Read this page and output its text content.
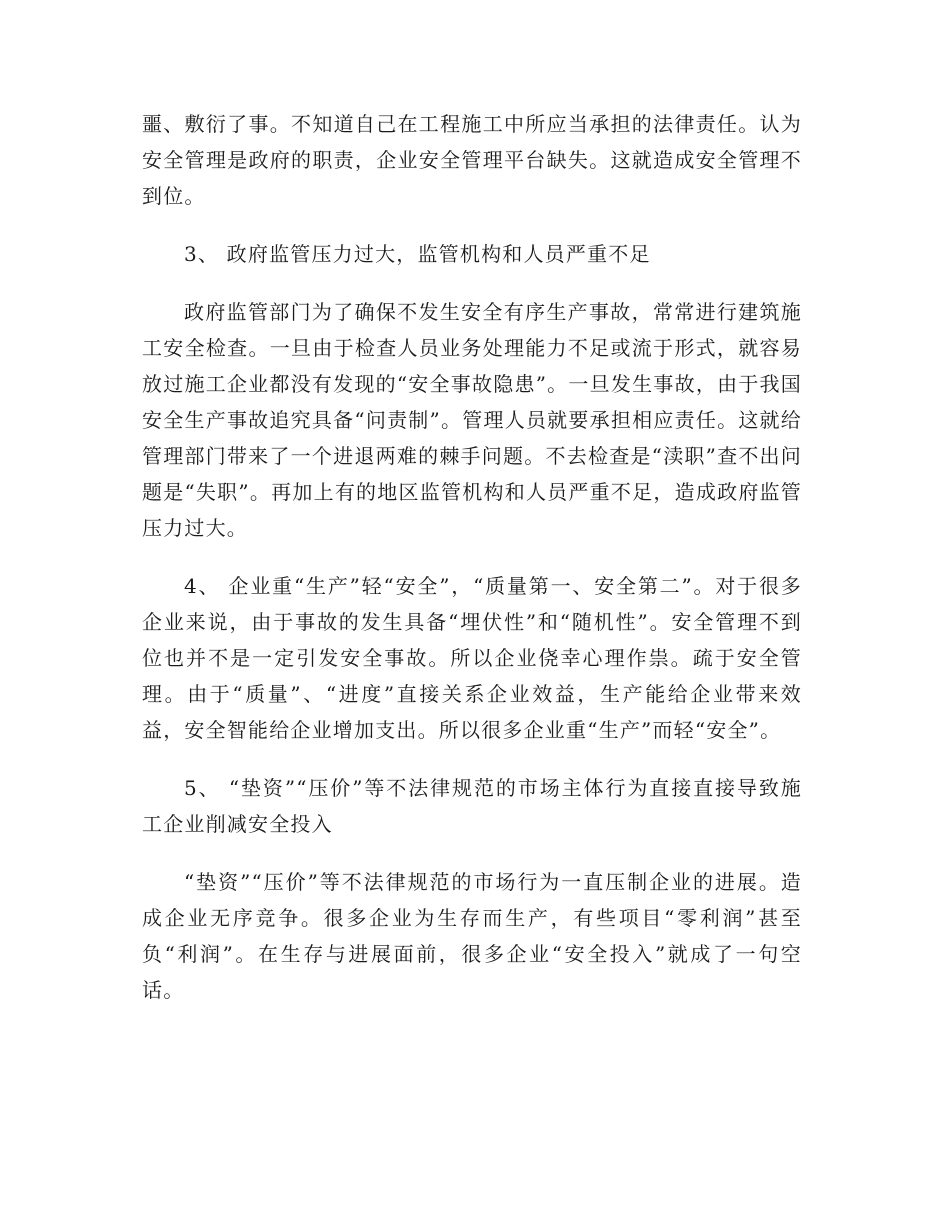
噩、敷衍了事。不知道自己在工程施工中所应当承担的法律责任。认为安全管理是政府的职责，企业安全管理平台缺失。这就造成安全管理不到位。

3、 政府监管压力过大，监管机构和人员严重不足

政府监管部门为了确保不发生安全有序生产事故，常常进行建筑施工安全检查。一旦由于检查人员业务处理能力不足或流于形式，就容易放过施工企业都没有发现的“安全事故隐患”。一旦发生事故，由于我国安全生产事故追究具备“问责制”。管理人员就要承担相应责任。这就给管理部门带来了一个进退两难的棘手问题。不去检查是“渎职”查不出问题是“失职”。再加上有的地区监管机构和人员严重不足，造成政府监管压力过大。

4、 企业重“生产”轻“安全”，“质量第一、安全第二”。对于很多企业来说，由于事故的发生具备“埋伏性”和“随机性”。安全管理不到位也并不是一定引发安全事故。所以企业侥幸心理作祟。疏于安全管理。由于“质量”、“进度”直接关系企业效益，生产能给企业带来效益，安全智能给企业增加支出。所以很多企业重“生产”而轻“安全”。

5、 “垫资”“压价”等不法律规范的市场主体行为直接直接导致施工企业削减安全投入

“垫资”“压价”等不法律规范的市场行为一直压制企业的进展。造成企业无序竞争。很多企业为生存而生产，有些项目“零利润”甚至负“利润”。在生存与进展面前，很多企业“安全投入”就成了一句空话。
